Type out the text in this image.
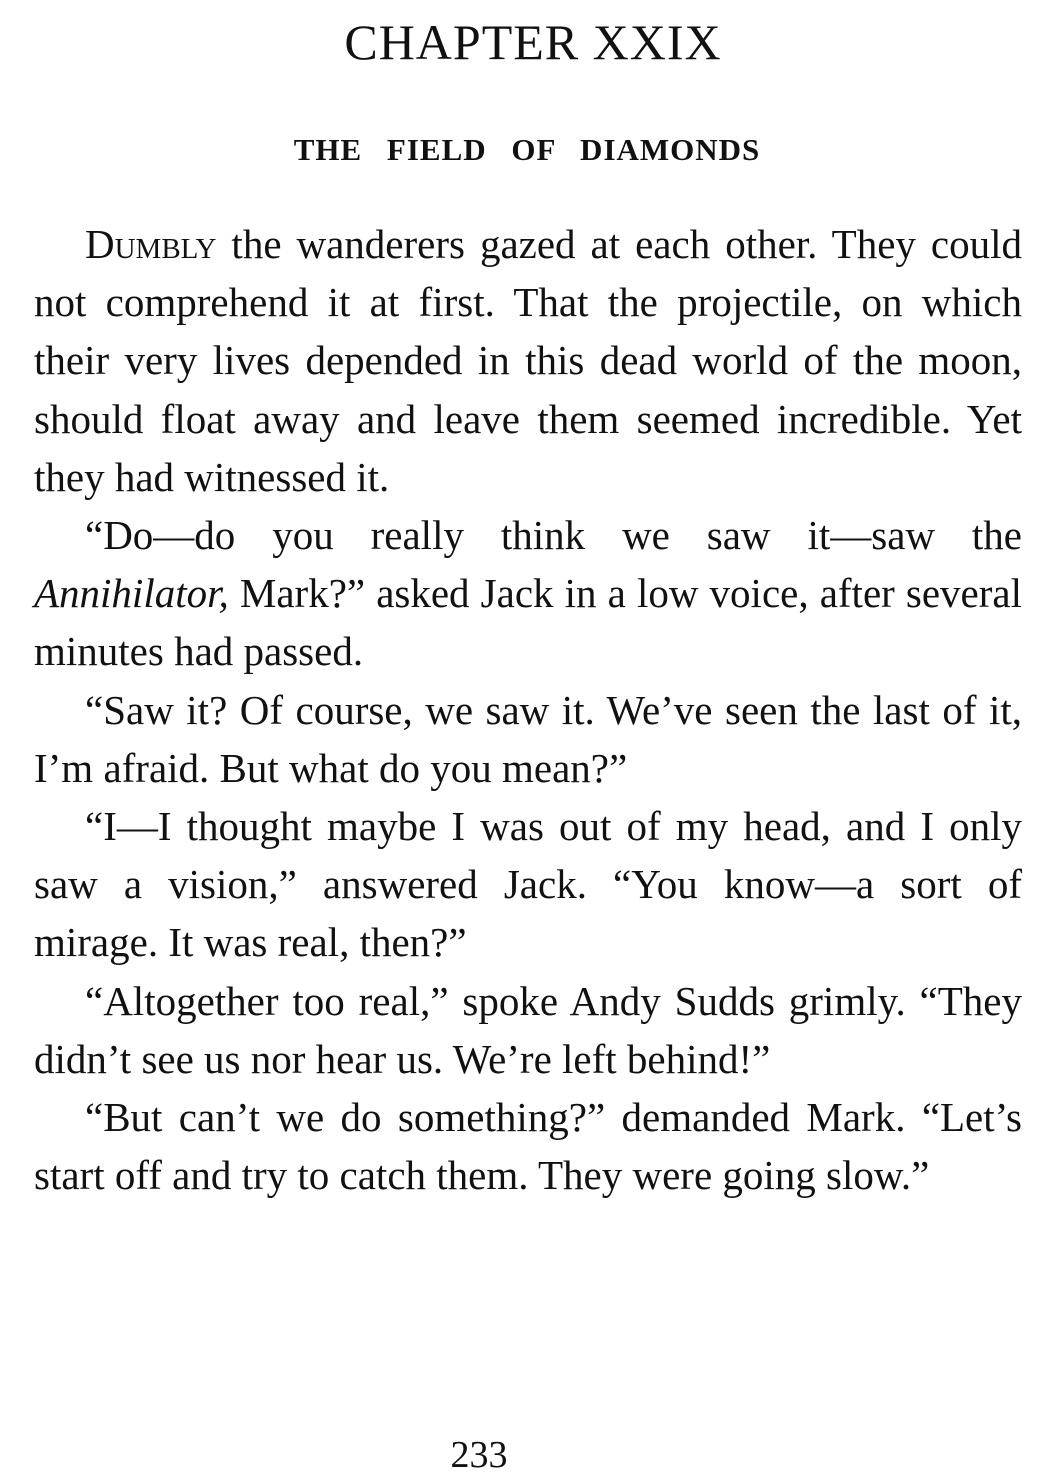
CHAPTER XXIX
THE FIELD OF DIAMONDS

Dumbly the wanderers gazed at each other. They could not comprehend it at first. That the projectile, on which their very lives depended in this dead world of the moon, should float away and leave them seemed incredible. Yet they had witnessed it.

“Do—do you really think we saw it—saw the Annihilator, Mark?” asked Jack in a low voice, after several minutes had passed.

“Saw it? Of course, we saw it. We’ve seen the last of it, I’m afraid. But what do you mean?”

“I—I thought maybe I was out of my head, and I only saw a vision,” answered Jack. “You know—a sort of mirage. It was real, then?”

“Altogether too real,” spoke Andy Sudds grimly. “They didn’t see us nor hear us. We’re left behind!”

“But can’t we do something?” demanded Mark. “Let’s start off and try to catch them. They were going slow.”

233
